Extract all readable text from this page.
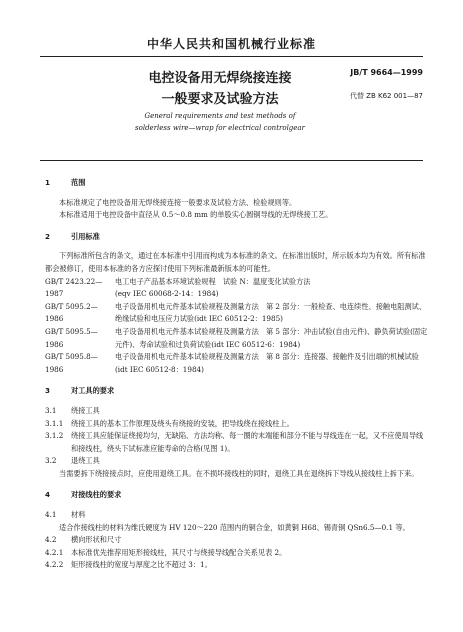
中华人民共和国机械行业标准
电控设备用无焊绕接连接
一般要求及试验方法
JB/T 9664—1999
代替 ZB K62 001—87
General requirements and test methods of
solderless wire—wrap for electrical controlgear
1	范围

本标准规定了电控设备用无焊绕接连接一般要求及试验方法、检验规则等。

本标准适用于电控设备中直径从 0.5～0.8 mm 的单股实心圆铜导线的无焊绕接工艺。

2	引用标准

下列标准所包含的条文，通过在本标准中引用而构成为本标准的条文。在标准出版时，所示版本均为有效。所有标准都会被修订，使用本标准的各方应探讨使用下列标准最新版本的可能性。

GB/T 2423.22—1987
电工电子产品基本环境试验规程　试验 N：温度变化试验方法
(eqv IEC 60068-2-14：1984)
GB/T 5095.2—1986
电子设备用机电元件基本试验规程及测量方法　第 2 部分：一般检查、电连续性、接触电阻测试、绝缘试验和电压应力试验(idt IEC 60512-2：1985)
GB/T 5095.5—1986
电子设备用机电元件基本试验规程及测量方法　第 5 部分：冲击试验(自由元件)、静负荷试验(固定元件)、寿命试验和过负荷试验(idt IEC 60512-6：1984)
GB/T 5095.8—1986
电子设备用机电元件基本试验规程及测量方法　第 8 部分：连接器、接触件及引出端的机械试验(idt IEC 60512-8：1984)
3	对工具的要求
3.1	绕接工具
3.1.1	绕接工具的基本工作原理及绕头有绕接的安装，把导线绕在接线柱上。
3.1.2	绕接工具应能保证绕接均匀，无缺陷、方法均称、每一圈的末端能和部分不能与导线连在一起，又不应使局导线和接线柱，绕头下试标准应能寿命的合格(见图 1)。
3.2	退绕工具

当需要拆下绕接接点时，应使用退绕工具。在不损坏接线柱的同时，退绕工具在退绕拆下导线从接线柱上拆下来。

4	对接线柱的要求
4.1	材料

适合作接线柱的材料为维氏硬度为 HV 120～220 范围内的铜合金，如黄铜 H68、锡青铜 QSn6.5—0.1 等。

4.2	横向形状和尺寸
4.2.1	本标准优先推荐用矩形接线柱，其尺寸与绕接导线配合关系见表 2。
4.2.2	矩形接线柱的宽度与厚度之比不超过 3：1。
